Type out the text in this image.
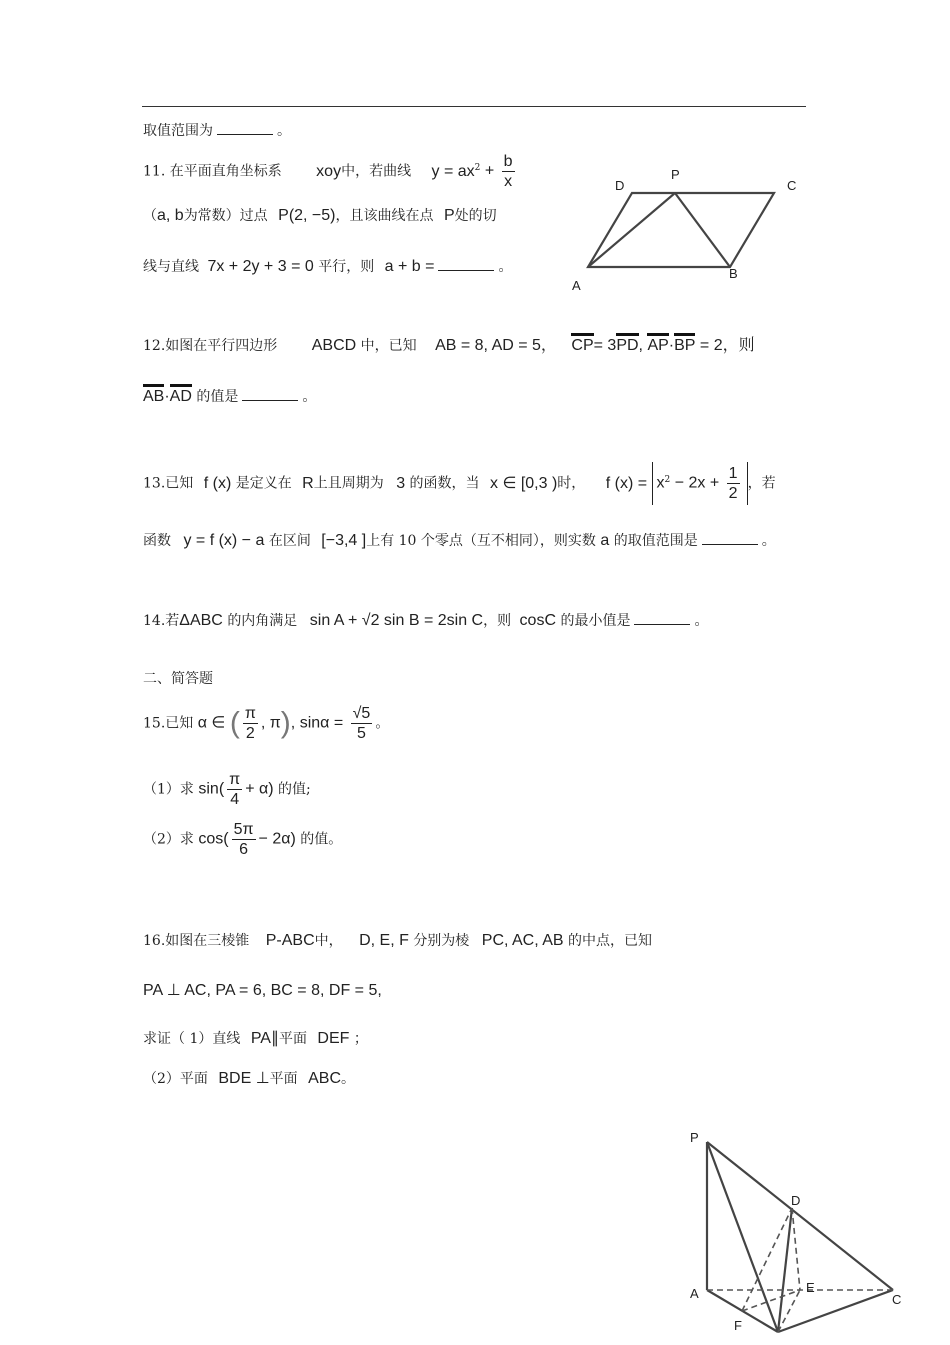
取值范围为	。
11. 在平面直角坐标系 xoy中，若曲线 $y = ax^2 + \frac{b}{x}$
（a, b为常数）过点 P(2, −5)，且该曲线在点 P处的切
线与直线 7x + 2y + 3 = 0 平行，则 a + b =	。
D
P
C
A
B
12.如图在平行四边形 ABCD 中，已知 AB = 8, AD = 5， CP= 3PD, AP·BP = 2，则
AB·AD 的值是	。
13.已知 f (x) 是定义在 R上且周期为 3 的函数，当 x ∈ [0,3 )时， f $(x) = x^2 - 2x + \frac{1}{2}$ ，若
函数 y = f (x) − a 在区间 [−3,4 ]上有 10 个零点（互不相同），则实数 a 的取值范围是	。
14.若ΔABC 的内角满足 sin A + √2 sin B = 2sin C，则 cosC 的最小值是	。
二、简答题
15.已知 α ∈ ( $\frac{\pi}{2}$ , π), $\sin\alpha = \frac{√5}{5}$ 。
（1）求 $\sin( \frac{\pi}{4} + \alpha)$ 的值;
（2）求 $\cos( \frac{5\pi}{6} - 2\alpha)$ 的值。
16.如图在三棱锥 P-ABC中， D, E, F 分别为棱 PC, AC, AB 的中点，已知
PA ⊥ AC, PA = 6, BC = 8, DF = 5,
求证（ 1）直线 PA∥平面 DEF ；
（2）平面 BDE ⊥平面 ABC。
P
D
A	E
C
F
